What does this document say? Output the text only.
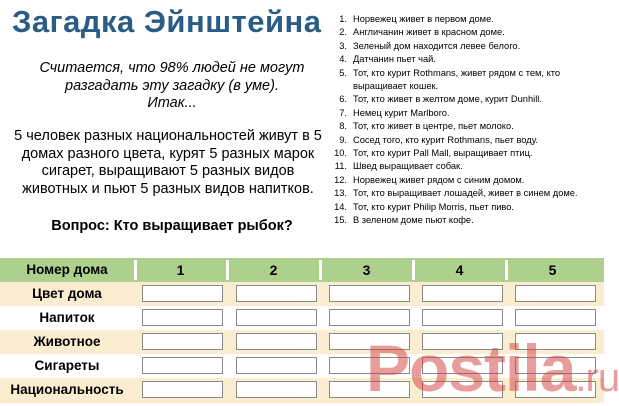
Загадка Эйнштейна

Считается, что 98% людей не могут
разгадать эту загадку (в уме).
Итак...

5 человек разных национальностей живут в 5 домах разного цвета, курят 5 разных марок сигарет, выращивают 5 разных видов животных и пьют 5 разных видов напитков.

Вопрос: Кто выращивает рыбок?

1. Норвежец живет в первом доме.
2. Англичанин живет в красном доме.
3. Зеленый дом находится левее белого.
4. Датчанин пьет чай.
5. Тот, кто курит Rothmans, живет рядом с тем, кто выращивает кошек.
6. Тот, кто живет в желтом доме, курит Dunhill.
7. Немец курит Marlboro.
8. Тот, кто живет в центре, пьет молоко.
9. Сосед того, кто курит Rothmans, пьет воду.
10. Тот, кто курит Pall Mall, выращивает птиц.
11. Швед выращивает собак.
12. Норвежец живет рядом с синим домом.
13. Тот, кто выращивает лошадей, живет в синем доме.
14. Тот, кто курит Philip Morris, пьет пиво.
15. В зеленом доме пьют кофе.
Номер дома	1	2	3	4	5
Цвет дома
Напиток
Животное
Сигареты
Национальность	Postila.ru
